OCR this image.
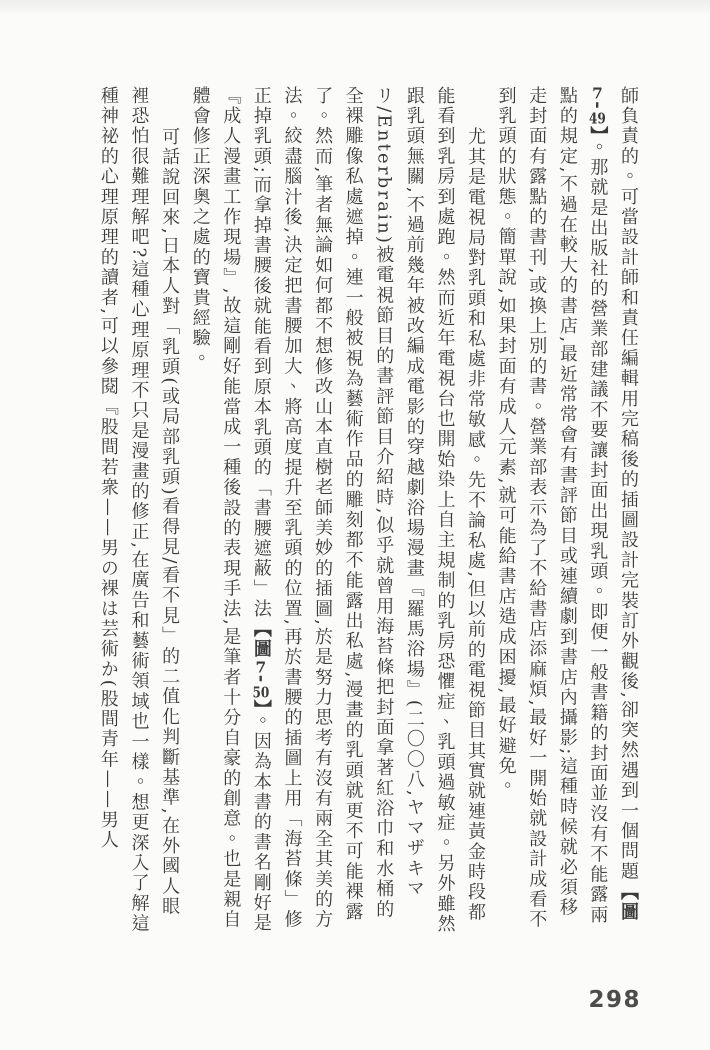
師負責的。可當設計師和責任編輯用完稿後的插圖設計完裝訂外觀後,卻突然遇到一個問題【圖7-49】。那就是出版社的營業部建議不要讓封面出現乳頭。即便一般書籍的封面並沒有不能露兩點的規定,不過在較大的書店,最近常常會有書評節目或連續劇到書店內攝影;這種時候就必須移走封面有露點的書刊,或換上別的書。營業部表示為了不給書店添麻煩,最好一開始就設計成看不到乳頭的狀態。簡單說,如果封面有成人元素,就可能給書店造成困擾,最好避免。

尤其是電視局對乳頭和私處非常敏感。先不論私處,但以前的電視節目其實就連黃金時段都能看到乳房到處跑。然而近年電視台也開始染上自主規制的乳房恐懼症、乳頭過敏症。另外雖然跟乳頭無關,不過前幾年被改編成電影的穿越劇浴場漫畫『羅馬浴場』(二〇〇八,ヤマザキマリ/Enterbrain)被電視節目的書評節目介紹時,似乎就曾用海苔條把封面拿著紅浴巾和水桶的全裸雕像私處遮掉。連一般被視為藝術作品的雕刻都不能露出私處,漫畫的乳頭就更不可能裸露了。然而,筆者無論如何都不想修改山本直樹老師美妙的插圖,於是努力思考有沒有兩全其美的方法。絞盡腦汁後,決定把書腰加大、將高度提升至乳頭的位置,再於書腰的插圖上用「海苔條」修正掉乳頭;而拿掉書腰後就能看到原本乳頭的「書腰遮蔽」法【圖7-50】。因為本書的書名剛好是『成人漫畫工作現場』,故這剛好能當成一種後設的表現手法,是筆者十分自豪的創意。也是親自體會修正深奧之處的寶貴經驗。

可話說回來,日本人對「乳頭(或局部乳頭)看得見/看不見」的二值化判斷基準,在外國人眼裡恐怕很難理解吧?這種心理原理不只是漫畫的修正,在廣告和藝術領域也一樣。想更深入了解這種神祕的心理原理的讀者,可以參閱『股間若衆——男の裸は芸術か(股間青年——男人

298
